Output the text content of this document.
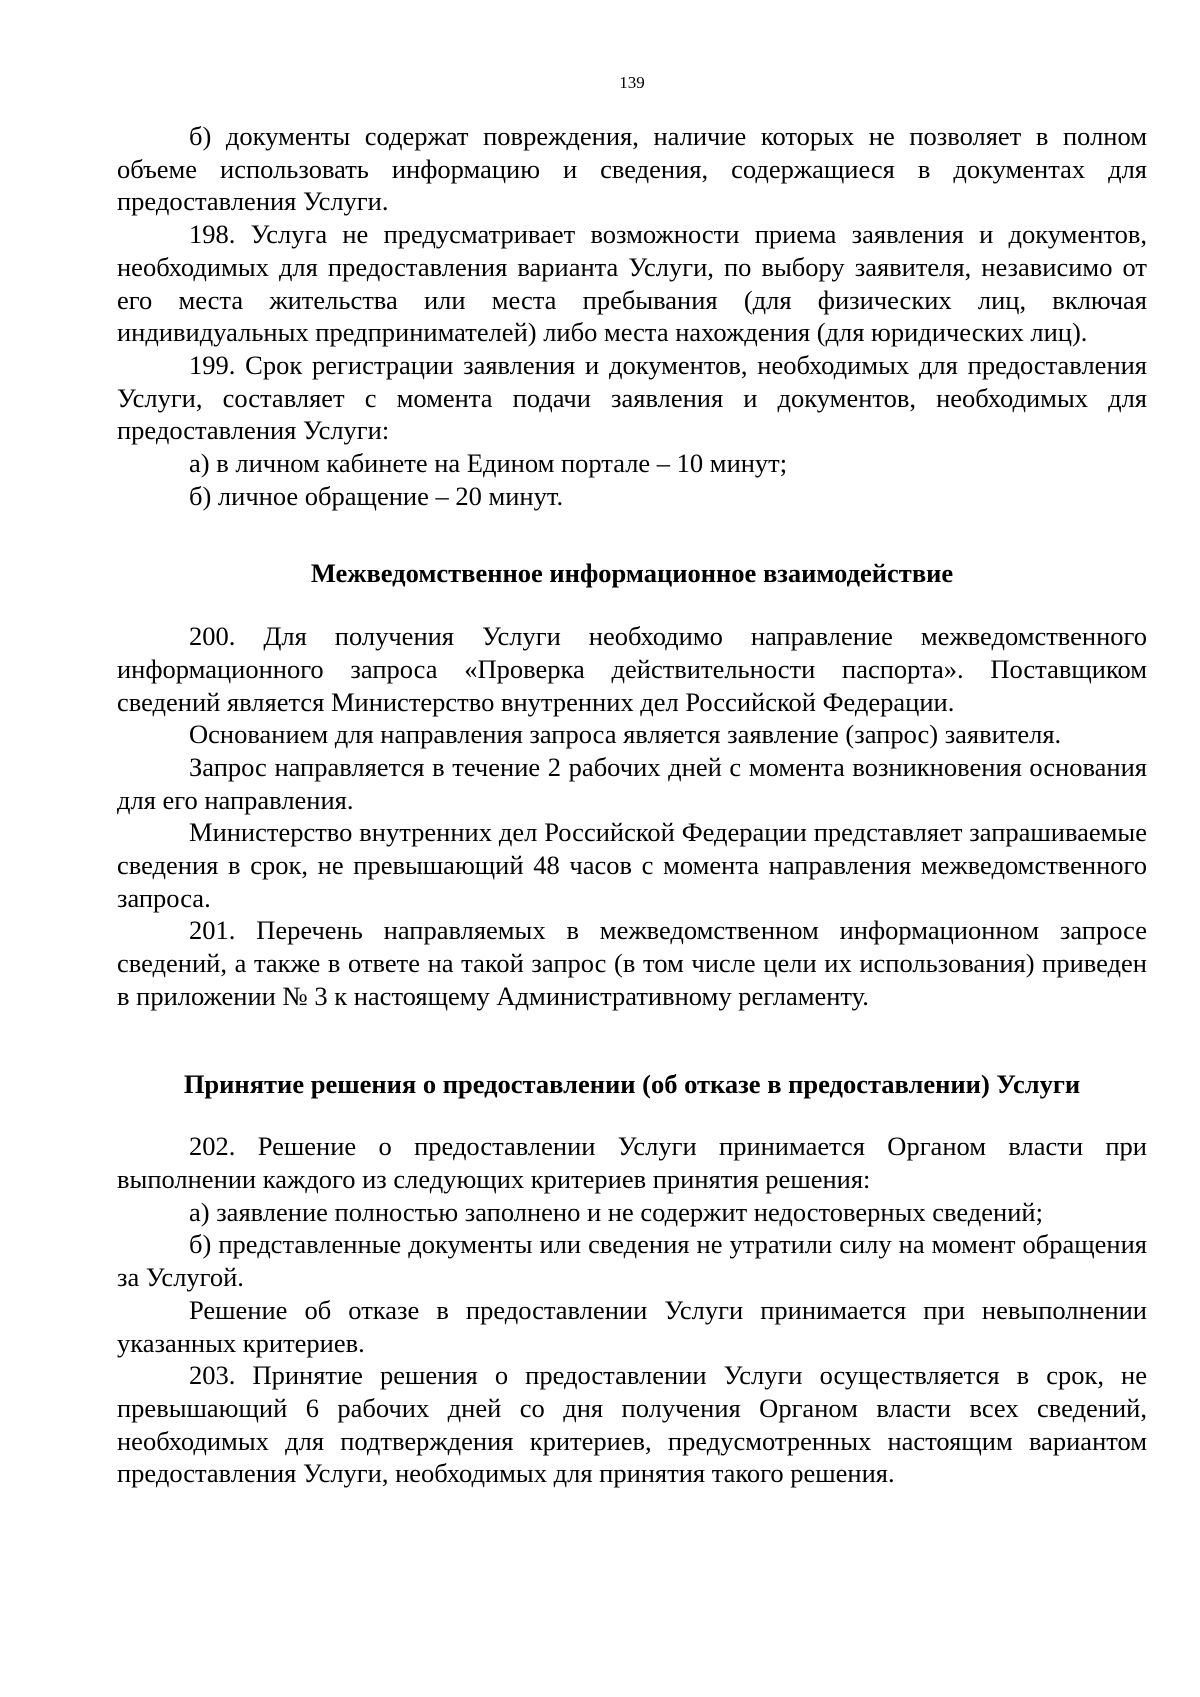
139

б) документы содержат повреждения, наличие которых не позволяет в полном объеме использовать информацию и сведения, содержащиеся в документах для предоставления Услуги.

198. Услуга не предусматривает возможности приема заявления и документов, необходимых для предоставления варианта Услуги, по выбору заявителя, независимо от его места жительства или места пребывания (для физических лиц, включая индивидуальных предпринимателей) либо места нахождения (для юридических лиц).

199. Срок регистрации заявления и документов, необходимых для предоставления Услуги, составляет с момента подачи заявления и документов, необходимых для предоставления Услуги:

а) в личном кабинете на Едином портале – 10 минут;

б) личное обращение – 20 минут.

Межведомственное информационное взаимодействие

200. Для получения Услуги необходимо направление межведомственного информационного запроса «Проверка действительности паспорта». Поставщиком сведений является Министерство внутренних дел Российской Федерации.

Основанием для направления запроса является заявление (запрос) заявителя.

Запрос направляется в течение 2 рабочих дней с момента возникновения основания для его направления.

Министерство внутренних дел Российской Федерации представляет запрашиваемые сведения в срок, не превышающий 48 часов с момента направления межведомственного запроса.

201. Перечень направляемых в межведомственном информационном запросе сведений, а также в ответе на такой запрос (в том числе цели их использования) приведен в приложении № 3 к настоящему Административному регламенту.

Принятие решения о предоставлении (об отказе в предоставлении) Услуги

202. Решение о предоставлении Услуги принимается Органом власти при выполнении каждого из следующих критериев принятия решения:

а) заявление полностью заполнено и не содержит недостоверных сведений;

б) представленные документы или сведения не утратили силу на момент обращения за Услугой.

Решение об отказе в предоставлении Услуги принимается при невыполнении указанных критериев.

203. Принятие решения о предоставлении Услуги осуществляется в срок, не превышающий 6 рабочих дней со дня получения Органом власти всех сведений, необходимых для подтверждения критериев, предусмотренных настоящим вариантом предоставления Услуги, необходимых для принятия такого решения.
